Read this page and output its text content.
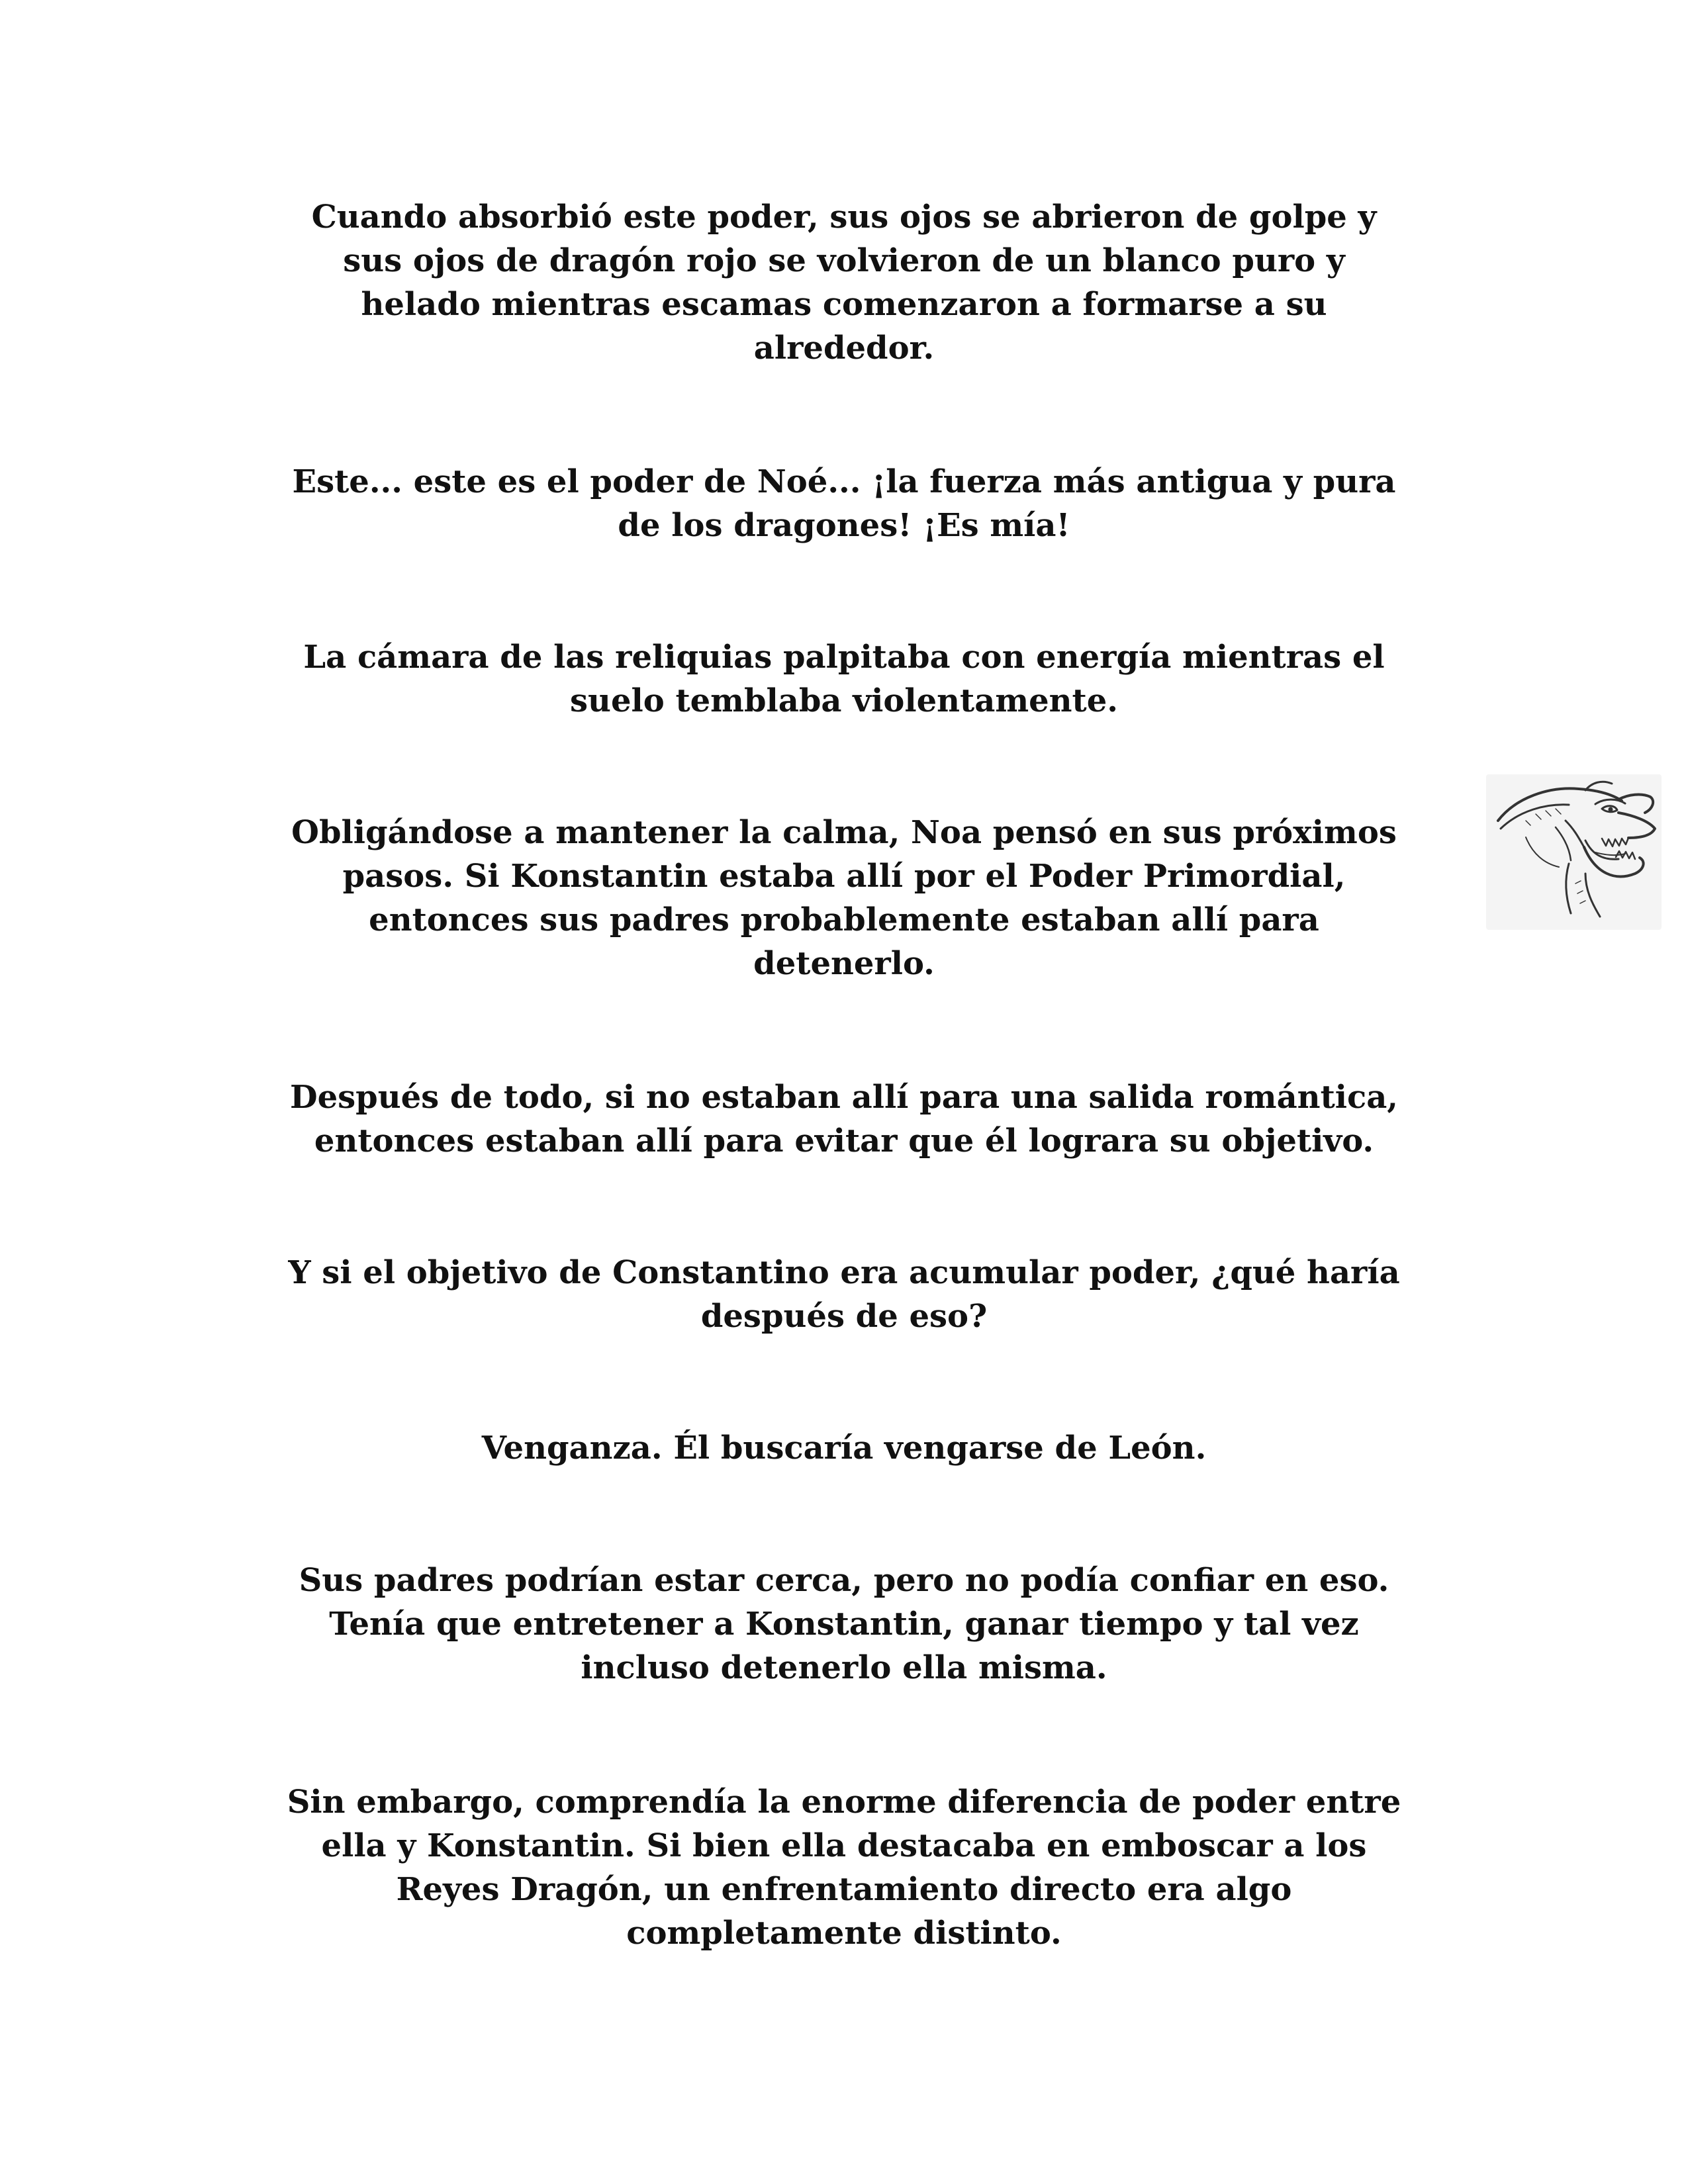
Cuando absorbió este poder, sus ojos se abrieron de golpe y
sus ojos de dragón rojo se volvieron de un blanco puro y
helado mientras escamas comenzaron a formarse a su
alrededor.

Este... este es el poder de Noé... ¡la fuerza más antigua y pura
de los dragones! ¡Es mía!

La cámara de las reliquias palpitaba con energía mientras el
suelo temblaba violentamente.

Obligándose a mantener la calma, Noa pensó en sus próximos
pasos. Si Konstantin estaba allí por el Poder Primordial,
entonces sus padres probablemente estaban allí para
detenerlo.

Después de todo, si no estaban allí para una salida romántica,
entonces estaban allí para evitar que él lograra su objetivo.

Y si el objetivo de Constantino era acumular poder, ¿qué haría
después de eso?

Venganza. Él buscaría vengarse de León.

Sus padres podrían estar cerca, pero no podía confiar en eso.
Tenía que entretener a Konstantin, ganar tiempo y tal vez
incluso detenerlo ella misma.

Sin embargo, comprendía la enorme diferencia de poder entre
ella y Konstantin. Si bien ella destacaba en emboscar a los
Reyes Dragón, un enfrentamiento directo era algo
completamente distinto.
